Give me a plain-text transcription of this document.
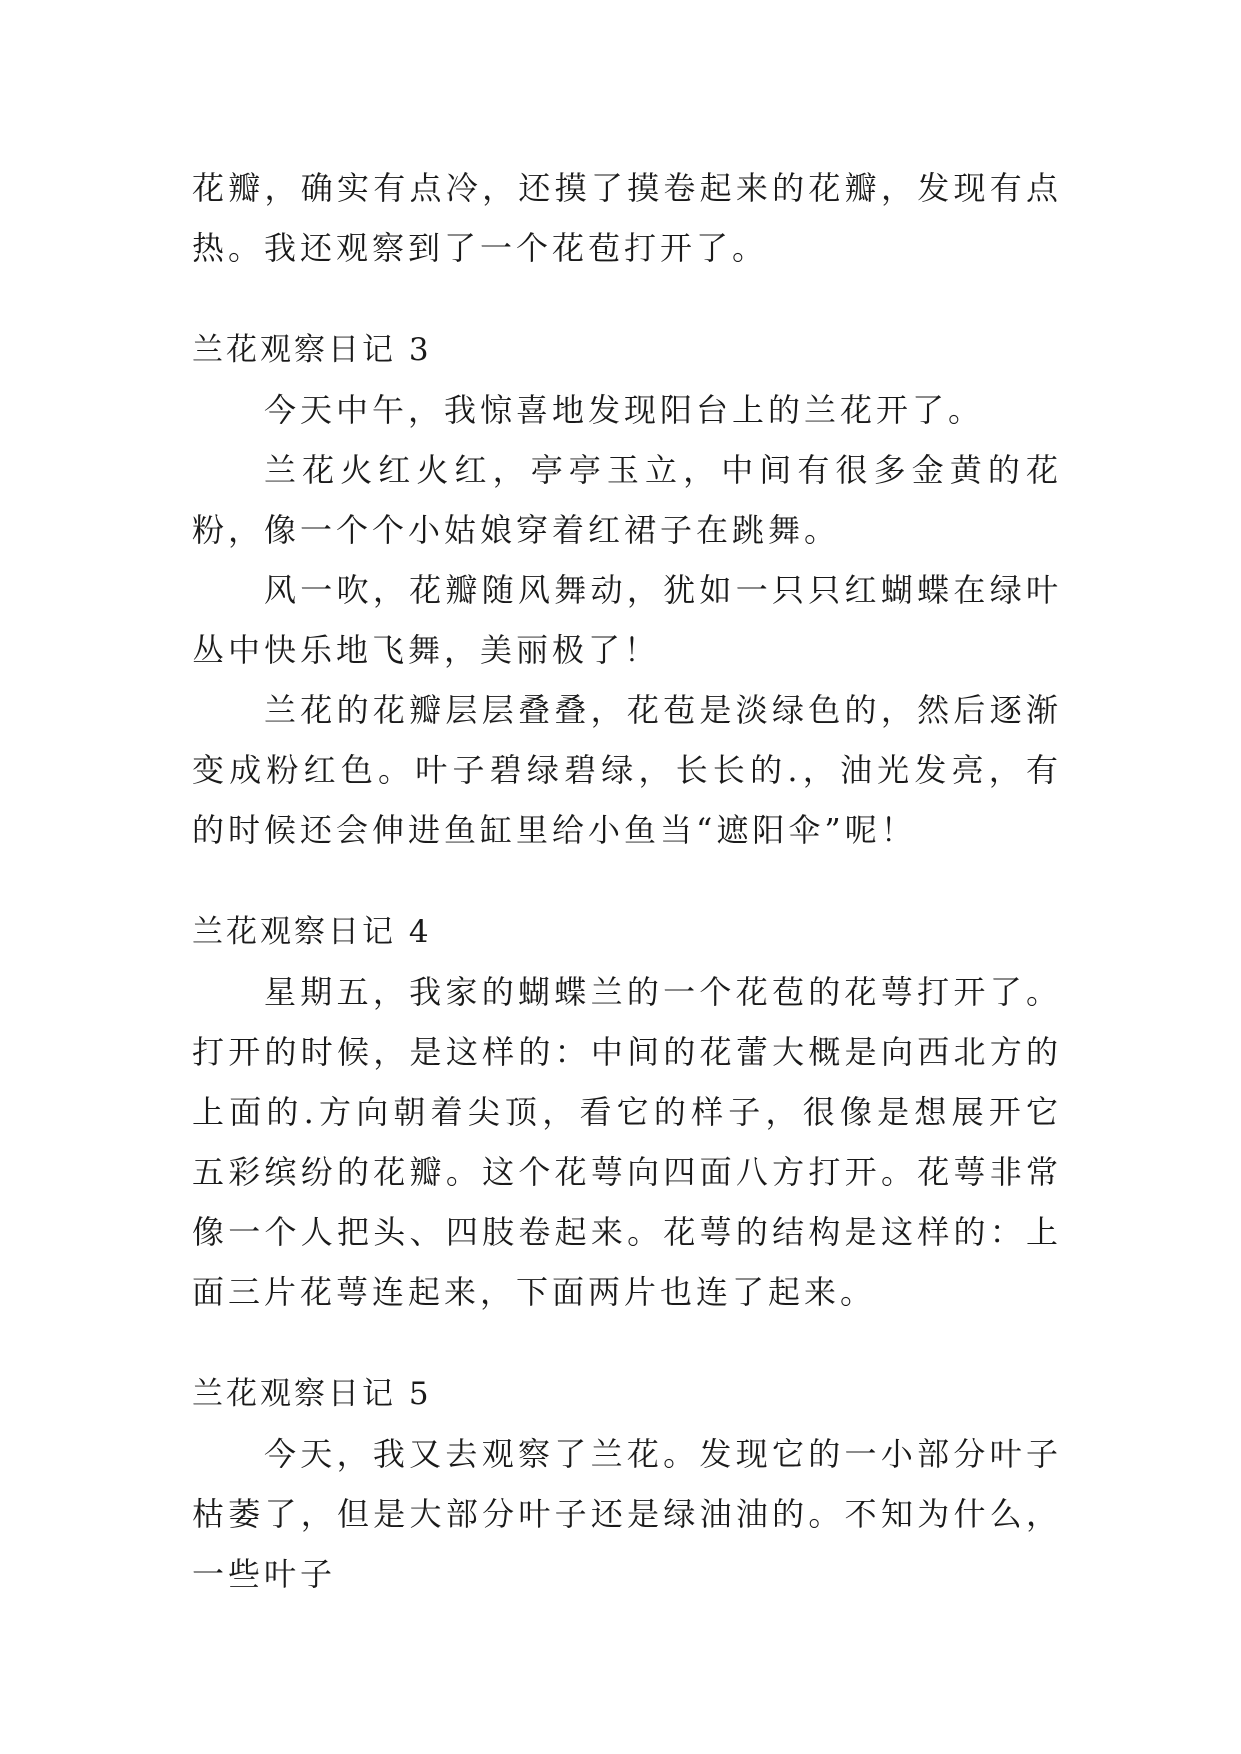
花瓣，确实有点冷，还摸了摸卷起来的花瓣，发现有点热。我还观察到了一个花苞打开了。

兰花观察日记 3

今天中午，我惊喜地发现阳台上的兰花开了。

兰花火红火红，亭亭玉立，中间有很多金黄的花粉，像一个个小姑娘穿着红裙子在跳舞。

风一吹，花瓣随风舞动，犹如一只只红蝴蝶在绿叶丛中快乐地飞舞，美丽极了！

兰花的花瓣层层叠叠，花苞是淡绿色的，然后逐渐变成粉红色。叶子碧绿碧绿，长长的.，油光发亮，有的时候还会伸进鱼缸里给小鱼当“遮阳伞”呢！

兰花观察日记 4

星期五，我家的蝴蝶兰的一个花苞的花萼打开了。打开的时候，是这样的：中间的花蕾大概是向西北方的上面的.方向朝着尖顶，看它的样子，很像是想展开它五彩缤纷的花瓣。这个花萼向四面八方打开。花萼非常像一个人把头、四肢卷起来。花萼的结构是这样的：上面三片花萼连起来，下面两片也连了起来。

兰花观察日记 5

今天，我又去观察了兰花。发现它的一小部分叶子枯萎了，但是大部分叶子还是绿油油的。不知为什么，一些叶子
